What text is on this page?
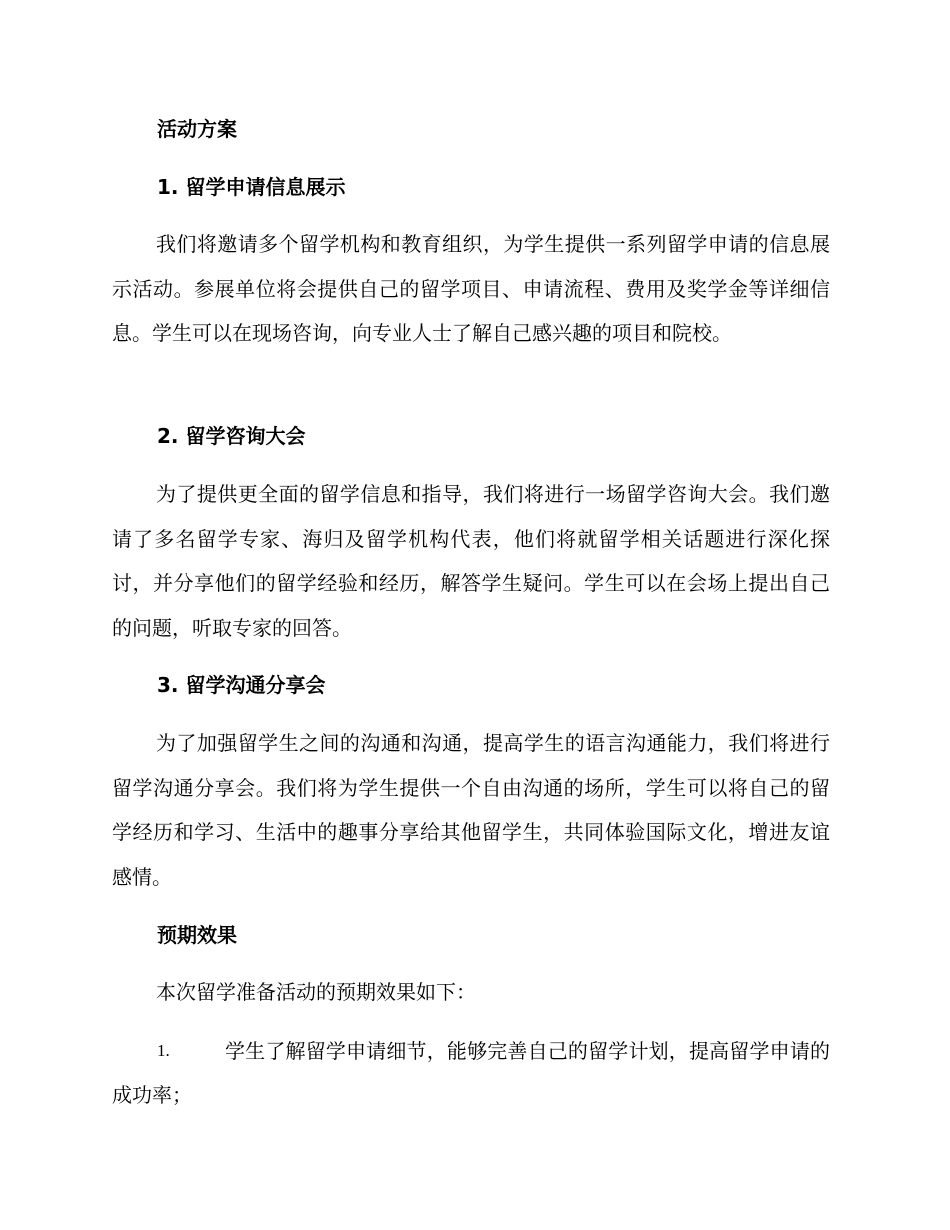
活动方案
1. 留学申请信息展示

我们将邀请多个留学机构和教育组织，为学生提供一系列留学申请的信息展示活动。参展单位将会提供自己的留学项目、申请流程、费用及奖学金等详细信息。学生可以在现场咨询，向专业人士了解自己感兴趣的项目和院校。

2. 留学咨询大会

为了提供更全面的留学信息和指导，我们将进行一场留学咨询大会。我们邀请了多名留学专家、海归及留学机构代表，他们将就留学相关话题进行深化探讨，并分享他们的留学经验和经历，解答学生疑问。学生可以在会场上提出自己的问题，听取专家的回答。

3. 留学沟通分享会

为了加强留学生之间的沟通和沟通，提高学生的语言沟通能力，我们将进行留学沟通分享会。我们将为学生提供一个自由沟通的场所，学生可以将自己的留学经历和学习、生活中的趣事分享给其他留学生，共同体验国际文化，增进友谊感情。

预期效果

本次留学准备活动的预期效果如下：

1.	学生了解留学申请细节，能够完善自己的留学计划，提高留学申请的成功率；
